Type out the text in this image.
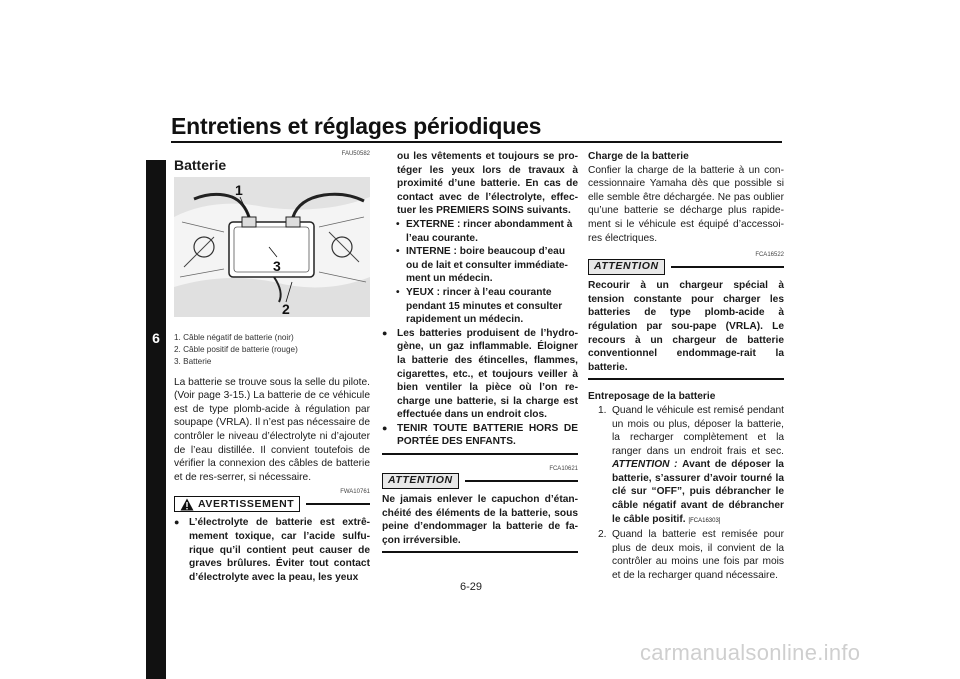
Entretiens et réglages périodiques
6
FAU50582
Batterie
1
3
2
1. Câble négatif de batterie (noir)
2. Câble positif de batterie (rouge)
3. Batterie

La batterie se trouve sous la selle du pilote. (Voir page 3-15.) La batterie de ce véhicule est de type plomb-acide à régulation par soupape (VRLA). Il n’est pas nécessaire de contrôler le niveau d’électrolyte ni d’ajouter de l’eau distillée. Il convient toutefois de vérifier la connexion des câbles de batterie et de res-serrer, si nécessaire.

FWA10761
AVERTISSEMENT
● L’électrolyte de batterie est extrê-mement toxique, car l’acide sulfu-rique qu’il contient peut causer de graves brûlures. Éviter tout contact d’électrolyte avec la peau, les yeux

ou les vêtements et toujours se pro-téger les yeux lors de travaux à proximité d’une batterie. En cas de contact avec de l’électrolyte, effec-tuer les PREMIERS SOINS suivants.

• EXTERNE : rincer abondamment à l’eau courante.
• INTERNE : boire beaucoup d’eau ou de lait et consulter immédiate-ment un médecin.
• YEUX : rincer à l’eau courante pendant 15 minutes et consulter rapidement un médecin.
● Les batteries produisent de l’hydro-gène, un gaz inflammable. Éloigner la batterie des étincelles, flammes, cigarettes, etc., et toujours veiller à bien ventiler la pièce où l’on re-charge une batterie, si la charge est effectuée dans un endroit clos.
● TENIR TOUTE BATTERIE HORS DE PORTÉE DES ENFANTS.
FCA10621
ATTENTION

Ne jamais enlever le capuchon d’étan-chéité des éléments de la batterie, sous peine d’endommager la batterie de fa-çon irréversible.

Charge de la batterie

Confier la charge de la batterie à un con-cessionnaire Yamaha dès que possible si elle semble être déchargée. Ne pas oublier qu’une batterie se décharge plus rapide-ment si le véhicule est équipé d’accessoi-res électriques.

FCA16522
ATTENTION

Recourir à un chargeur spécial à tension constante pour charger les batteries de type plomb-acide à régulation par sou-pape (VRLA). Le recours à un chargeur de batterie conventionnel endommage-rait la batterie.

Entreposage de la batterie
1. Quand le véhicule est remisé pendant un mois ou plus, déposer la batterie, la recharger complètement et la ranger dans un endroit frais et sec. ATTENTION : Avant de déposer la batterie, s’assurer d’avoir tourné la clé sur “OFF”, puis débrancher le câble négatif avant de débrancher le câble positif. [FCA16303]
2. Quand la batterie est remisée pour plus de deux mois, il convient de la contrôler au moins une fois par mois et de la recharger quand nécessaire.
6-29
carmanualsonline.info
